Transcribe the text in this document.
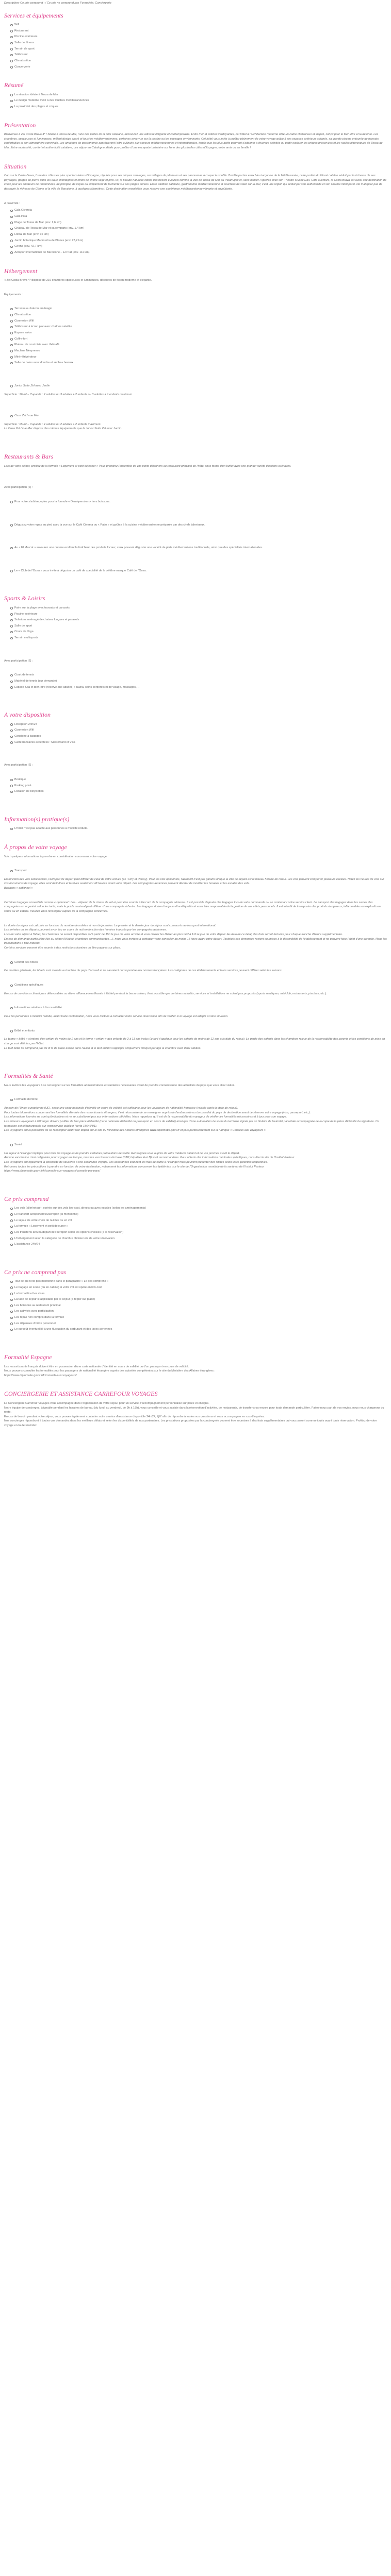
Description: Ce prix comprend : / Ce prix ne comprend pas Formalités: Conciergerie

Services et équipements
Wifi
Restaurant
Piscine extérieure
Salle de fitness
Terrain de sport
Téléviseur
Climatisation
Concergerie
Résumé
La situation idéale à Tossa de Mar
Le design moderne mêlé à des touches méditerranéennes
La proximité des plages et criques
Présentation

Bienvenue à Zel Costa Brava 4* ! Située à Tossa de Mar, l'une des perles de la côte catalane, découvrez une adresse élégante et contemporaine. Entre mer et collines verdoyantes, cet hôtel à l'architecture moderne offre un cadre chaleureux et inspiré, conçu pour le bien-être et la détente. Les chambres, spacieuses et lumineuses, mêlent design épuré et touches méditerranéennes, certaines avec vue sur la piscine ou les paysages environnants. Cet hôtel vous invite à profiter pleinement de votre voyage grâce à ses espaces extérieurs soignés, sa grande piscine entourée de transats confortables et son atmosphère conviviale. Les amateurs de gastronomie apprécieront l'offre culinaire aux saveurs méditerranéennes et internationales, tandis que les plus actifs pourront s'adonner à diverses activités ou partir explorer les criques préservées et les ruelles pittoresques de Tossa de Mar. Entre modernité, confort et authenticité catalane, ces séjour en Catalogne idéale pour profiter d'une escapade balnéaire sur l'une des plus belles côtes d'Espagne, entre amis ou en famille !

Situation

Cap sur la Costa Brava, l'une des côtes les plus spectaculaires d'Espagne, réputée pour ses criques sauvages, ses villages de pêcheurs et ses panoramas à couper le souffle. Bordée par les eaux bleu turquoise de la Méditerranée, cette portion du littoral catalan séduit par la richesse de ses paysages, gorges de pierre dans les eaux, montagnes et forêts de chêne-liège et pins. Ici, la beauté naturelle côtoie des trésors culturels comme la ville de Tossa de Mar ou Palafrugell et, sans oublier Figueres avec son Théâtre-Musée Dalí. Côté aventure, la Costa Brava est aussi une destination de choix pour les amateurs de randonnées, de plongée, de kayak ou simplement de farniente sur ses plages dorées. Entre tradition catalane, gastronomie méditerranéenne et couchers de soleil sur la mer, c'est une région qui séduit par son authenticité et son charme intemporel. Ne manquez pas de découvrir la richesse de Girone et la ville de Barcelone, à quelques kilomètres ! Cette destination ensoleillée vous réserve une expérience méditerranéenne vibrante et envoûtante.

A proximité :

Cala Giverola
Cala Pola
Plage de Tossa de Mar (env. 1,6 km)
Château de Tossa de Mar et sa remparts (env. 1,4 km)
Litoral de Mar (env. 16 km)
Jardin botanique Marimurtra de Blanes (env. 23,2 km)
Girona (env. 42,7 km)
Aéroport international de Barcelone – El Prat (env. 111 km)
Hébergement

« Zel Costa Brava 4* dispose de 216 chambres spacieuses et lumineuses, décorées de façon moderne et élégante.

Équipements :

Terrasse ou balcon aménagé
Climatisation
Connexion Wifi
Téléviseur à écran plat avec chaînes satellite
Espace salon
Coffre-fort
Plateau de courtoisie avec thé/café
Machine Nespresso
Mini-réfrigérateur
Salle de bains avec douche et sèche-cheveux
Junior Suite Zel avec Jardin

Superficie : 36 m² – Capacité : 2 adultes ou 3 adultes + 2 enfants ou 3 adultes + 1 enfants maximum

Casa Zel / vue Mer

Superficie : 65 m² – Capacité : 4 adultes ou 2 adultes + 2 enfants maximum
La Casa Zel / vue Mer dispose des mêmes équipements que la Junior Suite Zel avec Jardin.

Restaurants & Bars

Lors de votre séjour, profitez de la formule « Logement et petit-déjeuner » Vous prendrez l'ensemble de vos petits déjeuners au restaurant principal de l'hôtel sous forme d'un buffet avec une grande variété d'options culinaires.

Avec participation (€) :

Pour votre s'arbitre, optez pour la formule « Demi-pension » hors boissons.
Dégustez votre repas au pied avec la vue sur le Café Cinema ou « Patio » et goûtez à la cuisine méditerranéenne préparée par des chefs talentueux.
Au « El Mercat » savourez une cuisine exaltant la fraîcheur des produits locaux, ceux pouvant déguster une variété de plats méditerranéens traditionnels, ainsi que des spécialités internationales.
Le « Club de l'Ocea » vous invite à déguster un café de spécialité de la célèbre marque Café de l'Ocea.
Sports & Loisirs
Faire sur la plage avec transats et parasols
Piscine extérieure
Solarium aménagé de chaises longues et parasols
Salle de sport
Cours de Yoga
Terrain multisports

Avec participation (€) :

Court de tennis
Matériel de tennis (sur demande)
Espace Spa et bien-être (réservé aux adultes) : sauna, soins corporels et de visage, massages,…
A votre disposition
Réception 24h/24
Connexion Wifi
Consigne à bagages
Carte bancaires acceptées : Mastercard et Visa

Avec participation (€) :

Boutique
Parking privé
Location de bicyclettes
Information(s) pratique(s)
L'hôtel n'est pas adapté aux personnes à mobilité réduite.
À propos de votre voyage

Voici quelques informations à prendre en considération concernant votre voyage.

Transport

En fonction des vols sélectionnés, l'aéroport de départ peut différer de celui de votre arrivée (ex : Orly et Roissy). Pour les vols optionnels, l'aéroport n'est pas garanti lorsque la ville de départ est le fuseau horaire de retour. Les vols peuvent comporter plusieurs escales. Notez les heures de vols sur vos documents de voyage, elles sont définitives et tardives seulement 48 heures avant votre départ. Les compagnies aériennes peuvent décider de modifier les horaires et les escales des vols.
Bagages « optionnel »

Certaines bagages convertible comme « optionnel : Les... dépend de la classe de vol et peut être soumis à l'accord de la compagnie aérienne. Il est possible d'ajouter des bagages lors de votre commande ou en contactant notre service client. Le transport des bagages dans les soutes des compagnies est organisé selon les tarifs, mais le poids maximal peut différer d'une compagnie à l'autre. Les bagages doivent toujours être étiquetés et vous êtes responsable de la gestion de vos effets personnels. Il est interdit de transporter des produits dangereux, inflammables ou explosifs en soute ou en cabine. Veuillez vous renseigner auprès de la compagnie concernée.

La durée du séjour est calculée en fonction du nombre de nuitées et non de journées. Le premier et le dernier jour du séjour sont consacrés au transport international.
Les arrivées ou les départs peuvent avoir lieu en cours de nuit en fonction des horaires imposés par les compagnies aériennes.
Lors de votre séjour à l'hôtel, les chambres ne seront disponibles qu'à partir de 15h le jour de votre arrivée et vous devrez les libérer au plus tard à 11h le jour de votre départ. Au-delà de ce délai, des frais seront facturés pour chaque tranche d'heure supplémentaire.
En cas de demande particulière liée au séjour (lit bébé, chambres communicantes,...), nous vous invitons à contacter votre conseiller au moins 15 jours avant votre départ. Toutefois ces demandes restent soumises à la disponibilité de l'établissement et ne peuvent faire l'objet d'une garantie. Nous les transmettons à titre indicatif.
Certains services peuvent être soumis à des restrictions horaires ou être payants sur place.

Confort des hôtels

De manière générale, les hôtels sont classés au barème du pays d'accueil et ne sauraient correspondre aux normes françaises. Les catégories de ces établissements et leurs services peuvent différer selon les saisons.

Conditions spécifiques

En cas de conditions climatiques défavorables ou d'une affluence insuffisante à l'hôtel pendant la basse saison, il est possible que certaines activités, services et installations ne soient pas proposés (sports nautiques, miniclub, restaurants, piscines, etc.).

Informations relatives à l'accessibilité

Pour les personnes à mobilité réduite, avant toute confirmation, nous vous invitons à contacter notre service réservation afin de vérifier si le voyage est adapté à votre situation.

Bébé et enfants

Le terme « bébé » s'entend d'un enfant de moins de 2 ans et le terme « enfant » des enfants de 2 à 11 ans inclus (le tarif s'applique pour les enfants de moins de 12 ans à la date du retour). La garde des enfants dans les chambres relève de la responsabilité des parents et les conditions de prise en charge sont définies par l'hôtel.
Le tarif bébé ne comprend pas de lit ni de place assise dans l'avion et le tarif enfant s'applique uniquement lorsqu'il partage la chambre avec deux adultes.

Formalités & Santé

Nous invitons les voyageurs à se renseigner sur les formalités administratives et sanitaires nécessaires avant de prendre connaissance des actualités du pays que vous allez visiter.

Formalité d'entrée

Au sein de l'Union européenne (UE), seule une carte nationale d'identité en cours de validité est suffisante pour les voyageurs de nationalité française (valable après la date de retour).
Pour toutes informations concernant les formalités d'entrée des ressortissants étrangers, il est nécessaire de se renseigner auprès de l'ambassade ou du consulat du pays de destination avant de réserver votre voyage (visa, passeport, etc.).
Les informations fournies ne sont qu'indicatives et ne se substituent pas aux informations officielles. Nous rappelons qu'il est de la responsabilité du voyageur de vérifier les formalités nécessaires et à jour pour son voyage.
Les mineurs voyageant à l'étranger doivent justifier de leur pièce d'identité (carte nationale d'identité ou passeport en cours de validité) ainsi que d'une autorisation de sortie du territoire signée par un titulaire de l'autorité parentale accompagnée de la copie de la pièce d'identité du signataire. Ce formulaire est téléchargeable sur www.service-public.fr (cerfa 15646*01).
Les voyageurs ont la possibilité de se renseigner avant leur départ sur le site du Ministère des Affaires étrangères www.diplomatie.gouv.fr et plus particulièrement sur la rubrique « Conseils aux voyageurs ».

Santé

Un séjour à l'étranger implique pour tous les voyageurs de prendre certaines précautions de santé. Renseignez-vous auprès de votre médecin traitant et de vos proches avant le départ.
Aucune vaccination n'est obligatoire pour voyager en Europe, mais les vaccinations de base (DTP, hépatites A et B) sont recommandées. Pour obtenir des informations médicales spécifiques, consultez le site de l'Institut Pasteur.
Les voyageurs ont également la possibilité de souscrire à une assurance voyage. Les assurances couvrent les frais de santé à l'étranger mais peuvent présenter des limites selon leurs garanties respectives.
Retrouvez toutes les précautions à prendre en fonction de votre destination, notamment les informations concernant les épidémies, sur le site de l'Organisation mondiale de la santé ou de l'Institut Pasteur.
https://www.diplomatie.gouv.fr/fr/conseils-aux-voyageurs/conseils-par-pays/

Ce prix comprend
Les vols (aller/retour), opérés sur des vols low-cost, directs ou avec escales (selon les aménagements)
Le transfert aéroport/hôtel/aéroport (si mentionné)
Le séjour de votre choix de nuitées ou en vol
La formule « Logement et petit déjeuner »
Les transferts arrivée/départ de l'aéroport selon les options choisies (à la réservation)
L'hébergement selon la catégorie de chambre choisie lors de votre réservation
L'assistance 24h/24
Ce prix ne comprend pas
Tout ce qui n'est pas mentionné dans le paragraphe « Le prix comprend »
Le bagage en soute (ou en cabine) si votre vol est opéré en low-cost
La formalité et les visas
La taxe de séjour si applicable par le séjour (à régler sur place)
Les boissons au restaurant principal
Les activités avec participation
Les repas non compris dans la formule
Les dépenses d'ordre personnel
Le surcoût éventuel lié à une fluctuation du carburant et des taxes aériennes
Formalité Espagne

Les ressortissants français doivent être en possession d'une carte nationale d'identité en cours de validité ou d'un passeport en cours de validité.
Nous pouvons consulter les formalités pour les passagers de nationalité étrangère auprès des autorités compétentes sur le site du Ministère des Affaires étrangères :
https://www.diplomatie.gouv.fr/fr/conseils-aux-voyageurs/

CONCIERGERIE ET ASSISTANCE CARREFOUR VOYAGES

Le Conciergerie Carrefour Voyages vous accompagne dans l'organisation de votre séjour pour un service d'accompagnement personnalisé sur place et en ligne.
Notre équipe de concierges, joignable pendant les horaires de bureau (du lundi au vendredi, de 9h à 18h), vous conseille et vous assiste dans la réservation d'activités, de restaurants, de transferts ou encore pour toute demande particulière. Faites-nous part de vos envies, nous nous chargeons du reste.
En cas de besoin pendant votre séjour, vous pouvez également contacter notre service d'assistance disponible 24h/24, 7j/7 afin de répondre à toutes vos questions et vous accompagner en cas d'imprévu.
Nos concierges répondront à toutes vos demandes dans les meilleurs délais et selon les disponibilités de nos partenaires. Les prestations proposées par la conciergerie peuvent être soumises à des frais supplémentaires qui vous seront communiqués avant toute réservation. Profitez de votre voyage en toute sérénité !
